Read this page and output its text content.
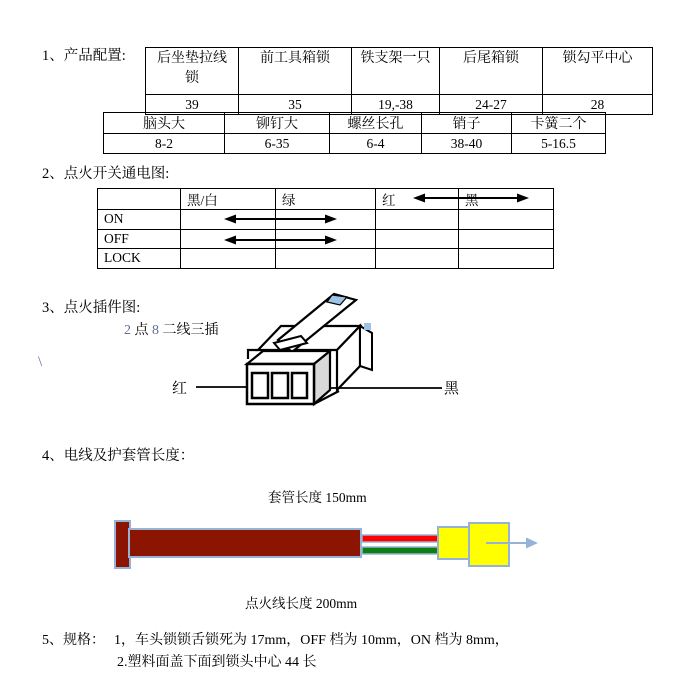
1、产品配置: 后坐垫拉线锁	前工具箱锁	铁支架一只	后尾箱锁	锁勾平中心
39	35	19,-38	24-27	28
脑头大	铆钉大	螺丝长孔	销子	卡簧二个
8-2	6-35	6-4	38-40	5-16.5
2、点火开关通电图:
	黑/白	绿	红	黑
ON				
OFF				
LOCK				
3、点火插件图:
2 点 8 二线三插
\
红	黑
4、电线及护套管长度：
套管长度 150mm
点火线长度 200mm
5、规格： 1，车头锁锁舌锁死为 17mm，OFF 档为 10mm，ON 档为 8mm，
2.塑料面盖下面到锁头中心 44 长
